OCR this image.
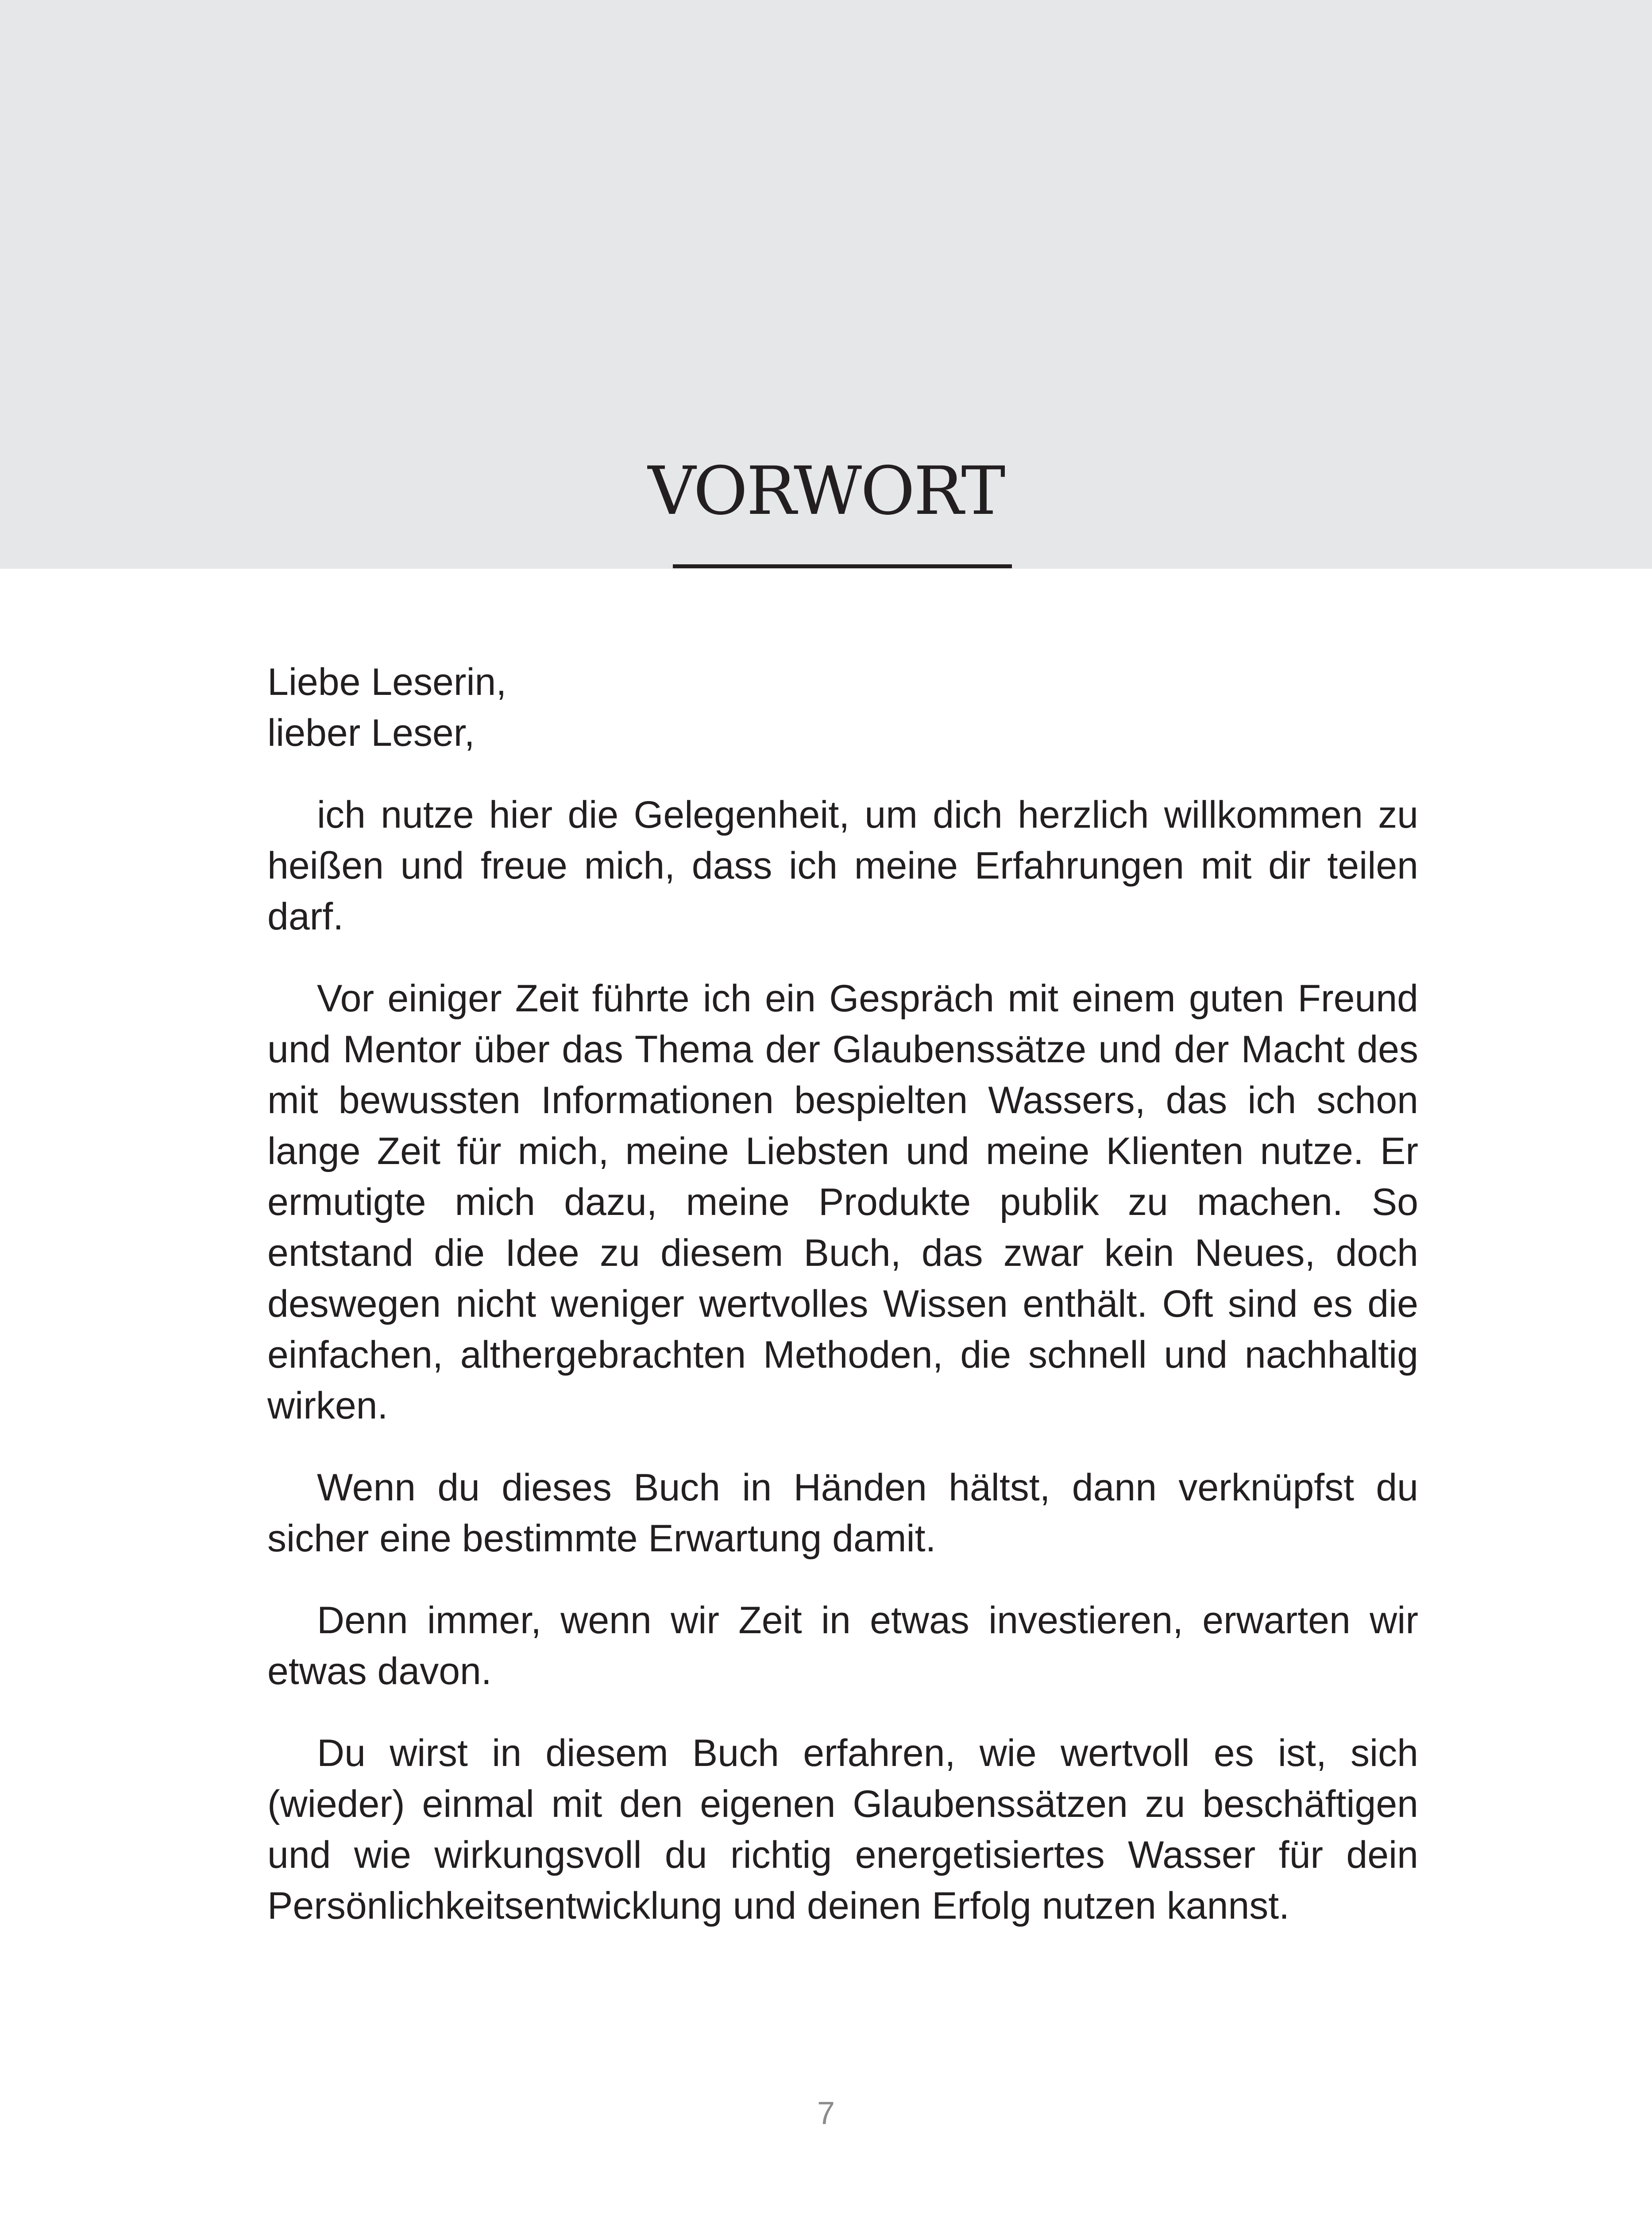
VORWORT

Liebe Leserin,
lieber Leser,

ich nutze hier die Gelegenheit, um dich herzlich willkommen zu heißen und freue mich, dass ich meine Erfahrungen mit dir teilen darf.

Vor einiger Zeit führte ich ein Gespräch mit einem guten Freund und Mentor über das Thema der Glaubenssätze und der Macht des mit bewussten Informationen bespielten Wassers, das ich schon lange Zeit für mich, meine Liebsten und meine Klienten nutze. Er ermutigte mich dazu, meine Produkte publik zu machen. So entstand die Idee zu diesem Buch, das zwar kein Neues, doch deswegen nicht weniger wertvolles Wissen enthält. Oft sind es die einfachen, althergebrachten Methoden, die schnell und nachhaltig wirken.

Wenn du dieses Buch in Händen hältst, dann verknüpfst du sicher eine bestimmte Erwartung damit.

Denn immer, wenn wir Zeit in etwas investieren, erwarten wir etwas davon.

Du wirst in diesem Buch erfahren, wie wertvoll es ist, sich (wieder) einmal mit den eigenen Glaubenssätzen zu beschäftigen und wie wirkungsvoll du richtig energetisiertes Wasser für dein Persönlichkeitsentwicklung und deinen Erfolg nutzen kannst.

7
